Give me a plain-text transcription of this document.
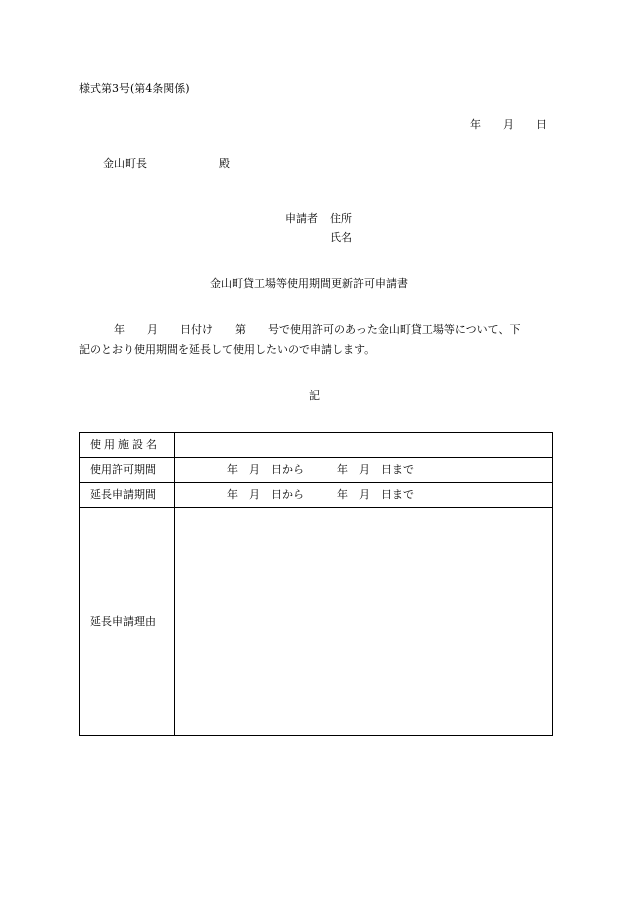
様式第3号(第4条関係)
年　　月　　日
金山町長	殿
申請者 住所
氏名
金山町貸工場等使用期間更新許可申請書
年　　月　　日付け　　第　　号で使用許可のあった金山町貸工場等について、下
記のとおり使用期間を延長して使用したいので申請します。
記
使用施設名	
使用許可期間	年　月　日から　　　年　月　日まで
延長申請期間	年　月　日から　　　年　月　日まで
延長申請理由	
